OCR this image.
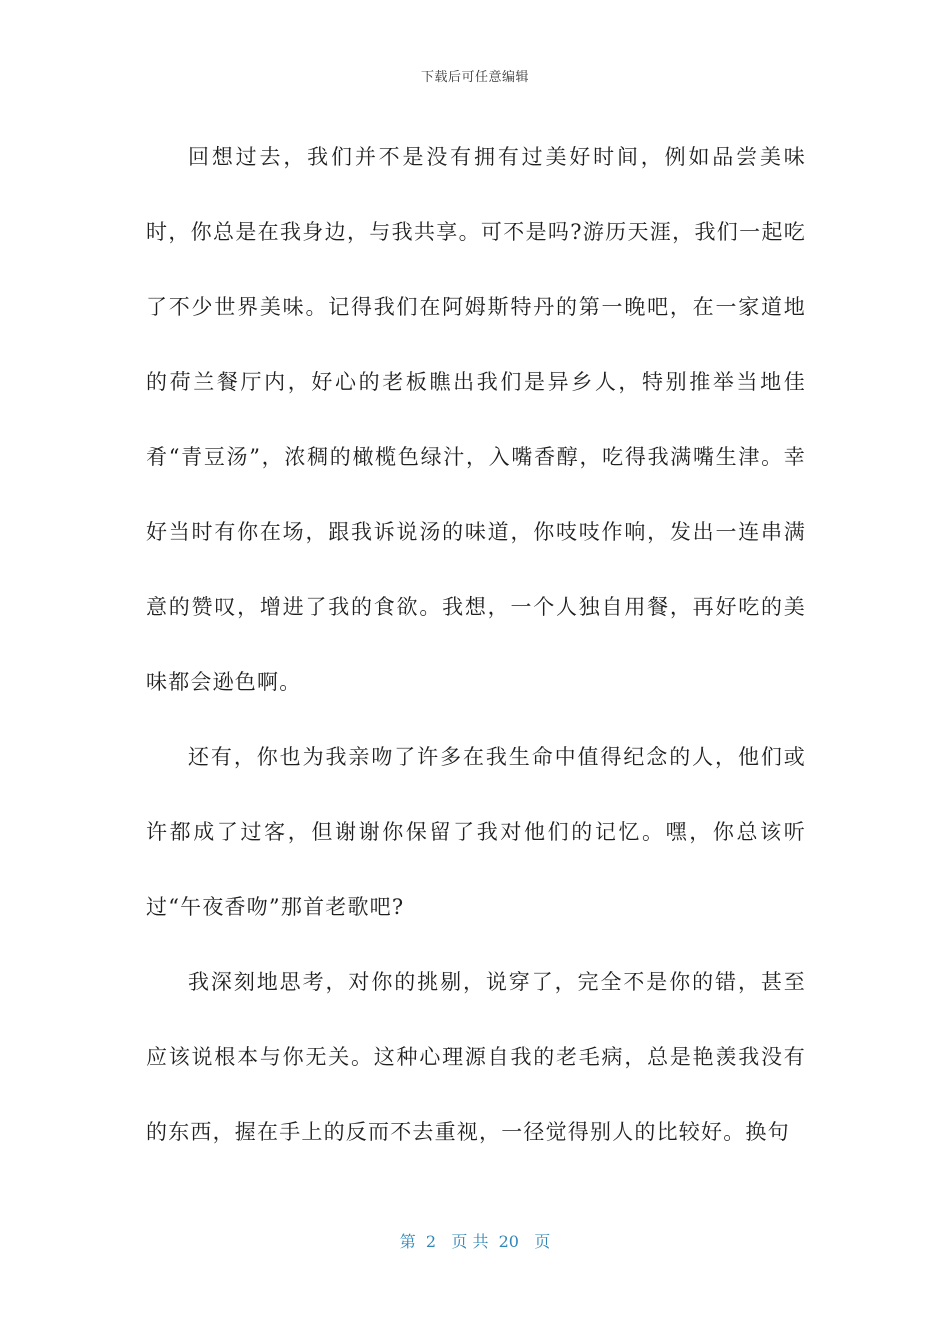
下载后可任意编辑

回想过去，我们并不是没有拥有过美好时间，例如品尝美味时，你总是在我身边，与我共享。可不是吗?游历天涯，我们一起吃了不少世界美味。记得我们在阿姆斯特丹的第一晚吧，在一家道地的荷兰餐厅内，好心的老板瞧出我们是异乡人，特别推举当地佳肴“青豆汤”，浓稠的橄榄色绿汁，入嘴香醇，吃得我满嘴生津。幸好当时有你在场，跟我诉说汤的味道，你吱吱作响，发出一连串满意的赞叹，增进了我的食欲。我想，一个人独自用餐，再好吃的美味都会逊色啊。

还有，你也为我亲吻了许多在我生命中值得纪念的人，他们或许都成了过客，但谢谢你保留了我对他们的记忆。嘿，你总该听过“午夜香吻”那首老歌吧?

我深刻地思考，对你的挑剔，说穿了，完全不是你的错，甚至应该说根本与你无关。这种心理源自我的老毛病，总是艳羡我没有的东西，握在手上的反而不去重视，一径觉得别人的比较好。换句

第  2   页 共  20   页
